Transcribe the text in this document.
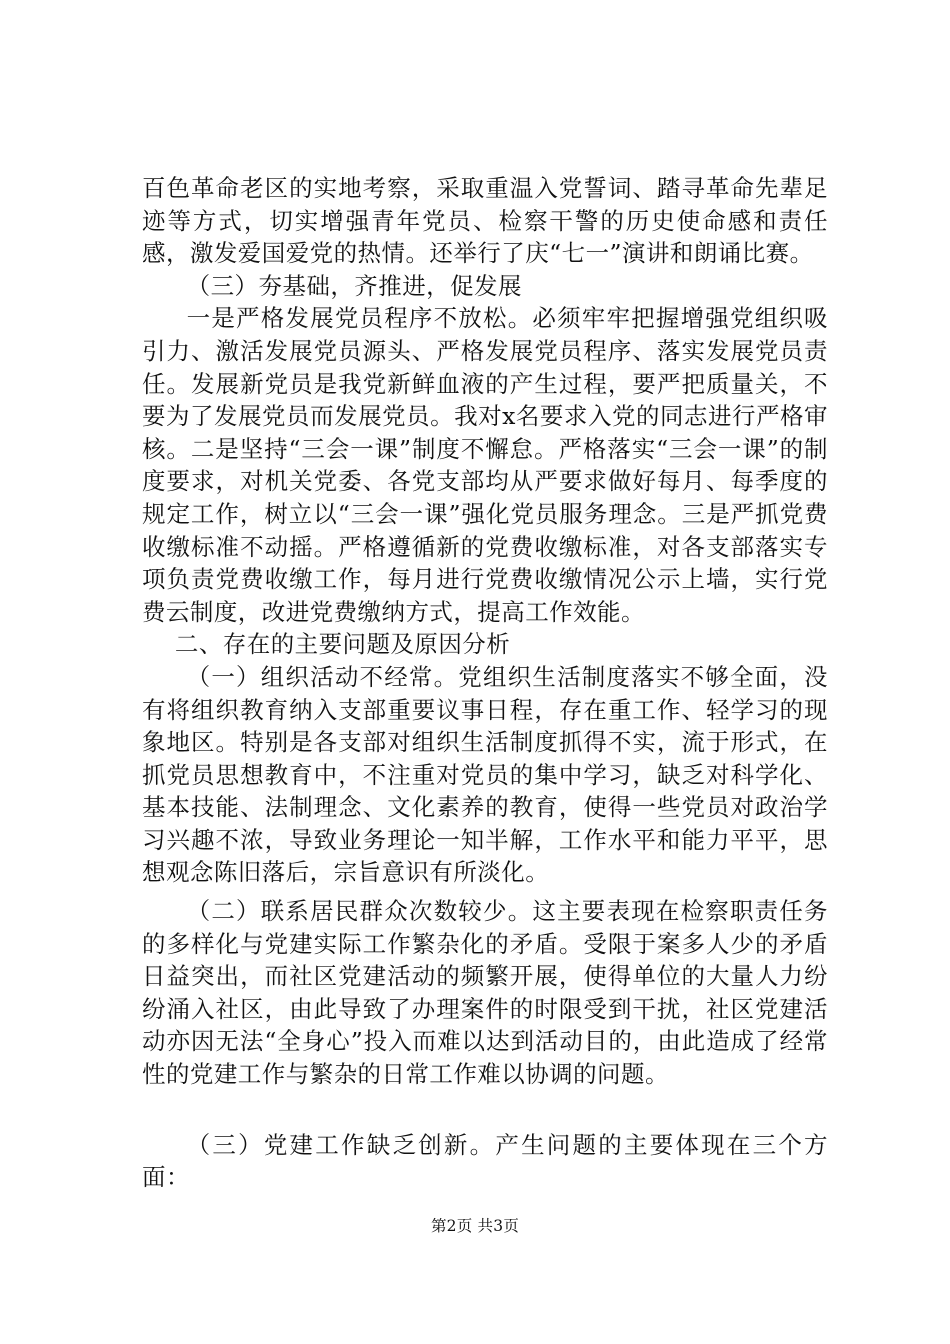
百色革命老区的实地考察，采取重温入党誓词、踏寻革命先辈足迹等方式，切实增强青年党员、检察干警的历史使命感和责任感，激发爱国爱党的热情。还举行了庆“七一”演讲和朗诵比赛。

（三）夯基础，齐推进，促发展

一是严格发展党员程序不放松。必须牢牢把握增强党组织吸引力、激活发展党员源头、严格发展党员程序、落实发展党员责任。发展新党员是我党新鲜血液的产生过程，要严把质量关，不要为了发展党员而发展党员。我对x名要求入党的同志进行严格审核。二是坚持“三会一课”制度不懈怠。严格落实“三会一课”的制度要求，对机关党委、各党支部均从严要求做好每月、每季度的规定工作，树立以“三会一课”强化党员服务理念。三是严抓党费收缴标准不动摇。严格遵循新的党费收缴标准，对各支部落实专项负责党费收缴工作，每月进行党费收缴情况公示上墙，实行党费云制度，改进党费缴纳方式，提高工作效能。

二、存在的主要问题及原因分析

（一）组织活动不经常。党组织生活制度落实不够全面，没有将组织教育纳入支部重要议事日程，存在重工作、轻学习的现象地区。特别是各支部对组织生活制度抓得不实，流于形式，在抓党员思想教育中，不注重对党员的集中学习，缺乏对科学化、基本技能、法制理念、文化素养的教育，使得一些党员对政治学习兴趣不浓，导致业务理论一知半解，工作水平和能力平平，思想观念陈旧落后，宗旨意识有所淡化。

（二）联系居民群众次数较少。这主要表现在检察职责任务的多样化与党建实际工作繁杂化的矛盾。受限于案多人少的矛盾日益突出，而社区党建活动的频繁开展，使得单位的大量人力纷纷涌入社区，由此导致了办理案件的时限受到干扰，社区党建活动亦因无法“全身心”投入而难以达到活动目的，由此造成了经常性的党建工作与繁杂的日常工作难以协调的问题。

（三）党建工作缺乏创新。产生问题的主要体现在三个方面：

第2页 共3页
